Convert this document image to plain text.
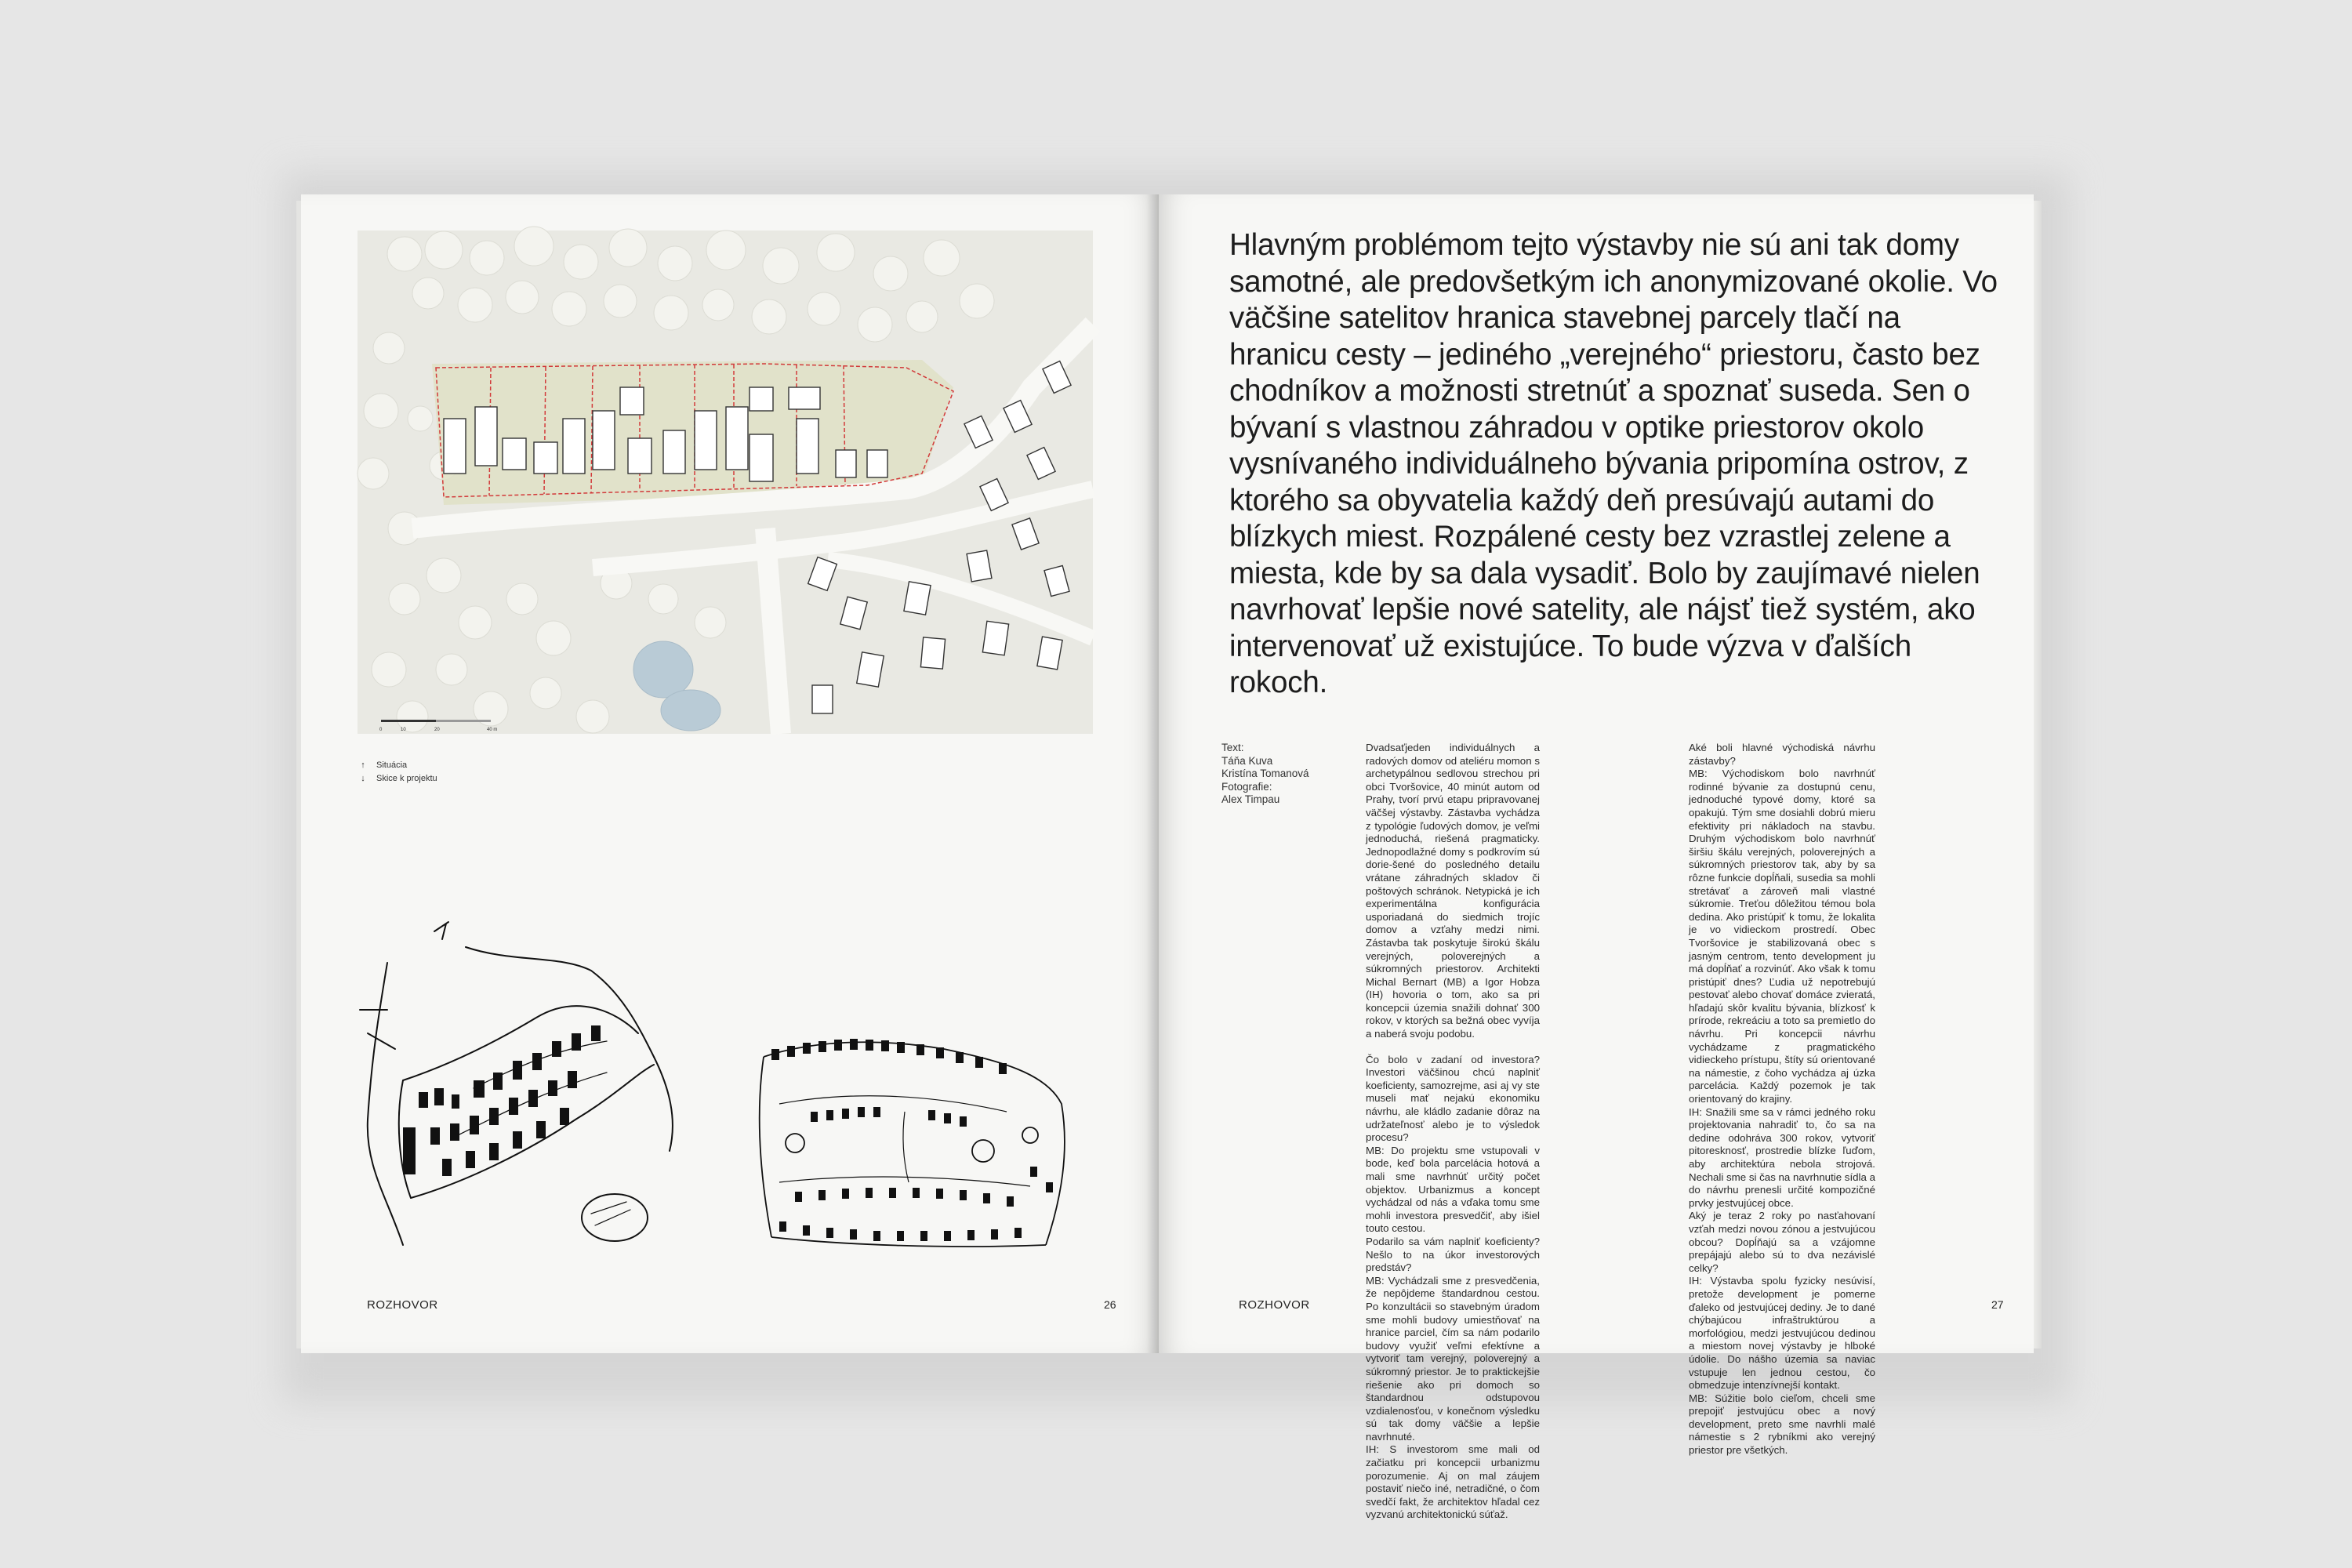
0	10	20	40 m
↑	Situácia
↓	Skice k projektu
ROZHOVOR	26
Hlavným problémom tejto výstavby nie sú ani tak domy samotné, ale predovšetkým ich anonymizované okolie. Vo väčšine satelitov hranica stavebnej parcely tlačí na hranicu cesty – jediného „verejného“ priestoru, často bez chodníkov a možnosti stretnúť a spoznať suseda. Sen o bývaní s vlastnou záhradou v optike priestorov okolo vysnívaného individuálneho bývania pripomína ostrov, z ktorého sa obyvatelia každý deň presúvajú autami do blízkych miest. Rozpálené cesty bez vzrastlej zelene a miesta, kde by sa dala vysadiť. Bolo by zaujímavé nielen navrhovať lepšie nové satelity, ale nájsť tiež systém, ako intervenovať už existujúce. To bude výzva v ďalších rokoch.
Text:
Táňa Kuva
Kristína Tomanová
Fotografie:
Alex Timpau

Dvadsaťjeden individuálnych a radových domov od ateliéru momon s archetypálnou sedlovou strechou pri obci Tvoršovice, 40 minút autom od Prahy, tvorí prvú etapu pripravovanej väčšej výstavby. Zástavba vychádza z typológie ľudových domov, je veľmi jednoduchá, riešená pragmaticky. Jednopodlažné domy s podkrovím sú dorie-šené do posledného detailu vrátane záhradných skladov či poštových schránok. Netypická je ich experimentálna konfigurácia usporiadaná do siedmich trojíc domov a vzťahy medzi nimi. Zástavba tak poskytuje širokú škálu verejných, poloverejných a súkromných priestorov. Architekti Michal Bernart (MB) a Igor Hobza (IH) hovoria o tom, ako sa pri koncepcii územia snažili dohnať 300 rokov, v ktorých sa bežná obec vyvíja a naberá svoju podobu.

Čo bolo v zadaní od investora? Investori väčšinou chcú naplniť koeficienty, samozrejme, asi aj vy ste museli mať nejakú ekonomiku návrhu, ale kládlo zadanie dôraz na udržateľnosť alebo je to výsledok procesu?
MB: Do projektu sme vstupovali v bode, keď bola parcelácia hotová a mali sme navrhnúť určitý počet objektov. Urbanizmus a koncept vychádzal od nás a vďaka tomu sme mohli investora presvedčiť, aby išiel touto cestou.
Podarilo sa vám naplniť koeficienty? Nešlo to na úkor investorových predstáv?
MB: Vychádzali sme z presvedčenia, že nepôjdeme štandardnou cestou. Po konzultácii so stavebným úradom sme mohli budovy umiestňovať na hranice parciel, čím sa nám podarilo budovy využiť veľmi efektívne a vytvoriť tam verejný, poloverejný a súkromný priestor. Je to praktickejšie riešenie ako pri domoch so štandardnou odstupovou vzdialenosťou, v konečnom výsledku sú tak domy väčšie a lepšie navrhnuté.
IH: S investorom sme mali od začiatku pri koncepcii urbanizmu porozumenie. Aj on mal záujem postaviť niečo iné, netradičné, o čom svedčí fakt, že architektov hľadal cez vyzvanú architektonickú súťaž.

Aké boli hlavné východiská návrhu zástavby?
MB: Východiskom bolo navrhnúť rodinné bývanie za dostupnú cenu, jednoduché typové domy, ktoré sa opakujú. Tým sme dosiahli dobrú mieru efektivity pri nákladoch na stavbu. Druhým východiskom bolo navrhnúť širšiu škálu verejných, poloverejných a súkromných priestorov tak, aby by sa rôzne funkcie dopĺňali, susedia sa mohli stretávať a zároveň mali vlastné súkromie. Treťou dôležitou témou bola dedina. Ako pristúpiť k tomu, že lokalita je vo vidieckom prostredí. Obec Tvoršovice je stabilizovaná obec s jasným centrom, tento development ju má dopĺňať a rozvinúť. Ako však k tomu pristúpiť dnes? Ľudia už nepotrebujú pestovať alebo chovať domáce zvieratá, hľadajú skôr kvalitu bývania, blízkosť k prírode, rekreáciu a toto sa premietlo do návrhu. Pri koncepcii návrhu vychádzame z pragmatického vidieckeho prístupu, štíty sú orientované na námestie, z čoho vychádza aj úzka parcelácia. Každý pozemok je tak orientovaný do krajiny.
IH: Snažili sme sa v rámci jedného roku projektovania nahradiť to, čo sa na dedine odohráva 300 rokov, vytvoriť pitoresknosť, prostredie blízke ľuďom, aby architektúra nebola strojová. Nechali sme si čas na navrhnutie sídla a do návrhu prenesli určité kompozičné prvky jestvujúcej obce.
Aký je teraz 2 roky po nasťahovaní vzťah medzi novou zónou a jestvujúcou obcou? Dopĺňajú sa a vzájomne prepájajú alebo sú to dva nezávislé celky?
IH: Výstavba spolu fyzicky nesúvisí, pretože development je pomerne ďaleko od jestvujúcej dediny. Je to dané chýbajúcou infraštruktúrou a morfológiou, medzi jestvujúcou dedinou a miestom novej výstavby je hlboké údolie. Do nášho územia sa naviac vstupuje len jednou cestou, čo obmedzuje intenzívnejší kontakt.
MB: Súžitie bolo cieľom, chceli sme prepojiť jestvujúcu obec a nový development, preto sme navrhli malé námestie s 2 rybníkmi ako verejný priestor pre všetkých.

ROZHOVOR	27
